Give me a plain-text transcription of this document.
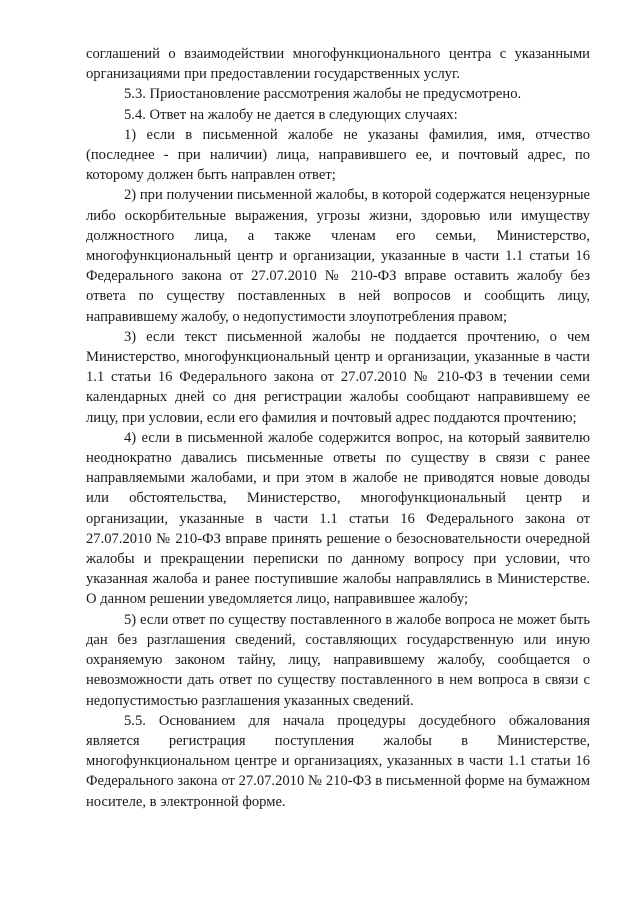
соглашений о взаимодействии многофункционального центра с указанными организациями при предоставлении государственных услуг.

5.3. Приостановление рассмотрения жалобы не предусмотрено.

5.4. Ответ на жалобу не дается в следующих случаях:

1) если в письменной жалобе не указаны фамилия, имя, отчество (последнее - при наличии) лица, направившего ее, и почтовый адрес, по которому должен быть направлен ответ;

2) при получении письменной жалобы, в которой содержатся нецензурные либо оскорбительные выражения, угрозы жизни, здоровью или имуществу должностного лица, а также членам его семьи, Министерство, многофункциональный центр и организации, указанные в части 1.1 статьи 16 Федерального закона от 27.07.2010 № 210-ФЗ вправе оставить жалобу без ответа по существу поставленных в ней вопросов и сообщить лицу, направившему жалобу, о недопустимости злоупотребления правом;

3) если текст письменной жалобы не поддается прочтению, о чем Министерство, многофункциональный центр и организации, указанные в части 1.1 статьи 16 Федерального закона от 27.07.2010 № 210-ФЗ в течении семи календарных дней со дня регистрации жалобы сообщают направившему ее лицу, при условии, если его фамилия и почтовый адрес поддаются прочтению;

4) если в письменной жалобе содержится вопрос, на который заявителю неоднократно давались письменные ответы по существу в связи с ранее направляемыми жалобами, и при этом в жалобе не приводятся новые доводы или обстоятельства, Министерство, многофункциональный центр и организации, указанные в части 1.1 статьи 16 Федерального закона от 27.07.2010 № 210-ФЗ вправе принять решение о безосновательности очередной жалобы и прекращении переписки по данному вопросу при условии, что указанная жалоба и ранее поступившие жалобы направлялись в Министерстве. О данном решении уведомляется лицо, направившее жалобу;

5) если ответ по существу поставленного в жалобе вопроса не может быть дан без разглашения сведений, составляющих государственную или иную охраняемую законом тайну, лицу, направившему жалобу, сообщается о невозможности дать ответ по существу поставленного в нем вопроса в связи с недопустимостью разглашения указанных сведений.

5.5. Основанием для начала процедуры досудебного обжалования является регистрация поступления жалобы в Министерстве, многофункциональном центре и организациях, указанных в части 1.1 статьи 16 Федерального закона от 27.07.2010 № 210-ФЗ в письменной форме на бумажном носителе, в электронной форме.
